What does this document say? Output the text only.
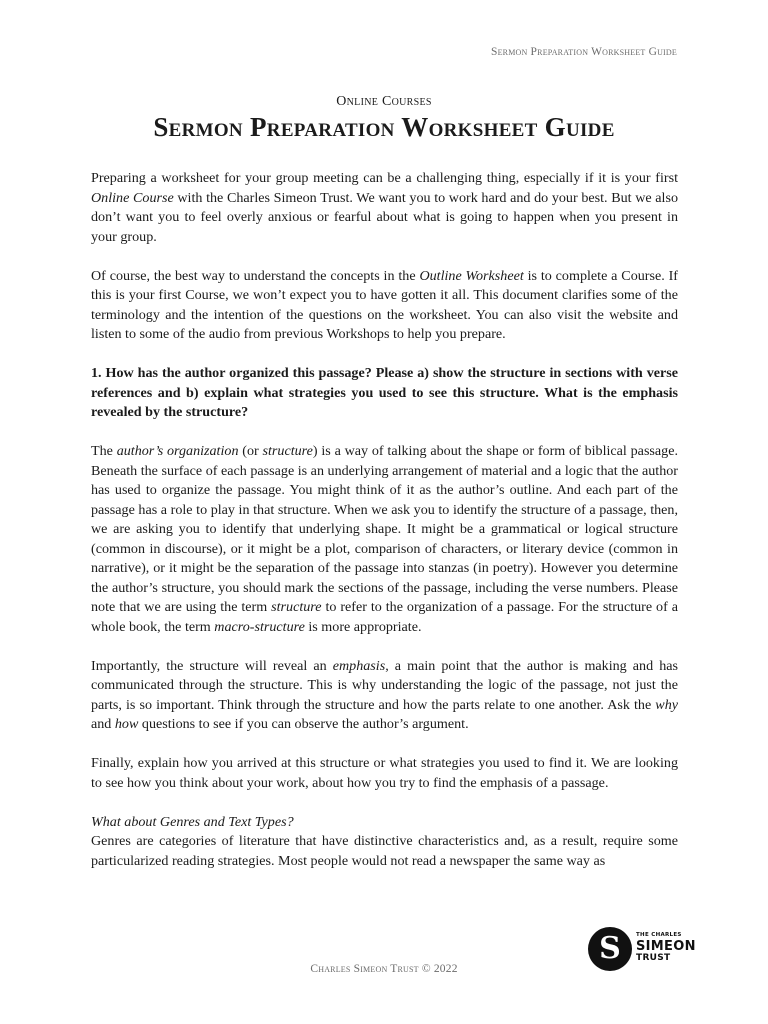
Sermon Preparation Worksheet Guide
Online Courses
Sermon Preparation Worksheet Guide

Preparing a worksheet for your group meeting can be a challenging thing, especially if it is your first Online Course with the Charles Simeon Trust. We want you to work hard and do your best. But we also don’t want you to feel overly anxious or fearful about what is going to happen when you present in your group.

Of course, the best way to understand the concepts in the Outline Worksheet is to complete a Course. If this is your first Course, we won’t expect you to have gotten it all. This document clarifies some of the terminology and the intention of the questions on the worksheet. You can also visit the website and listen to some of the audio from previous Workshops to help you prepare.

1. How has the author organized this passage? Please a) show the structure in sections with verse references and b) explain what strategies you used to see this structure. What is the emphasis revealed by the structure?

The author’s organization (or structure) is a way of talking about the shape or form of biblical passage. Beneath the surface of each passage is an underlying arrangement of material and a logic that the author has used to organize the passage. You might think of it as the author’s outline. And each part of the passage has a role to play in that structure. When we ask you to identify the structure of a passage, then, we are asking you to identify that underlying shape. It might be a grammatical or logical structure (common in discourse), or it might be a plot, comparison of characters, or literary device (common in narrative), or it might be the separation of the passage into stanzas (in poetry). However you determine the author’s structure, you should mark the sections of the passage, including the verse numbers. Please note that we are using the term structure to refer to the organization of a passage. For the structure of a whole book, the term macro-structure is more appropriate.

Importantly, the structure will reveal an emphasis, a main point that the author is making and has communicated through the structure. This is why understanding the logic of the passage, not just the parts, is so important. Think through the structure and how the parts relate to one another. Ask the why and how questions to see if you can observe the author’s argument.

Finally, explain how you arrived at this structure or what strategies you used to find it. We are looking to see how you think about your work, about how you try to find the emphasis of a passage.

What about Genres and Text Types?

Genres are categories of literature that have distinctive characteristics and, as a result, require some particularized reading strategies. Most people would not read a newspaper the same way as

S	THE CHARLES
SIMEON
TRUST
Charles Simeon Trust © 2022
